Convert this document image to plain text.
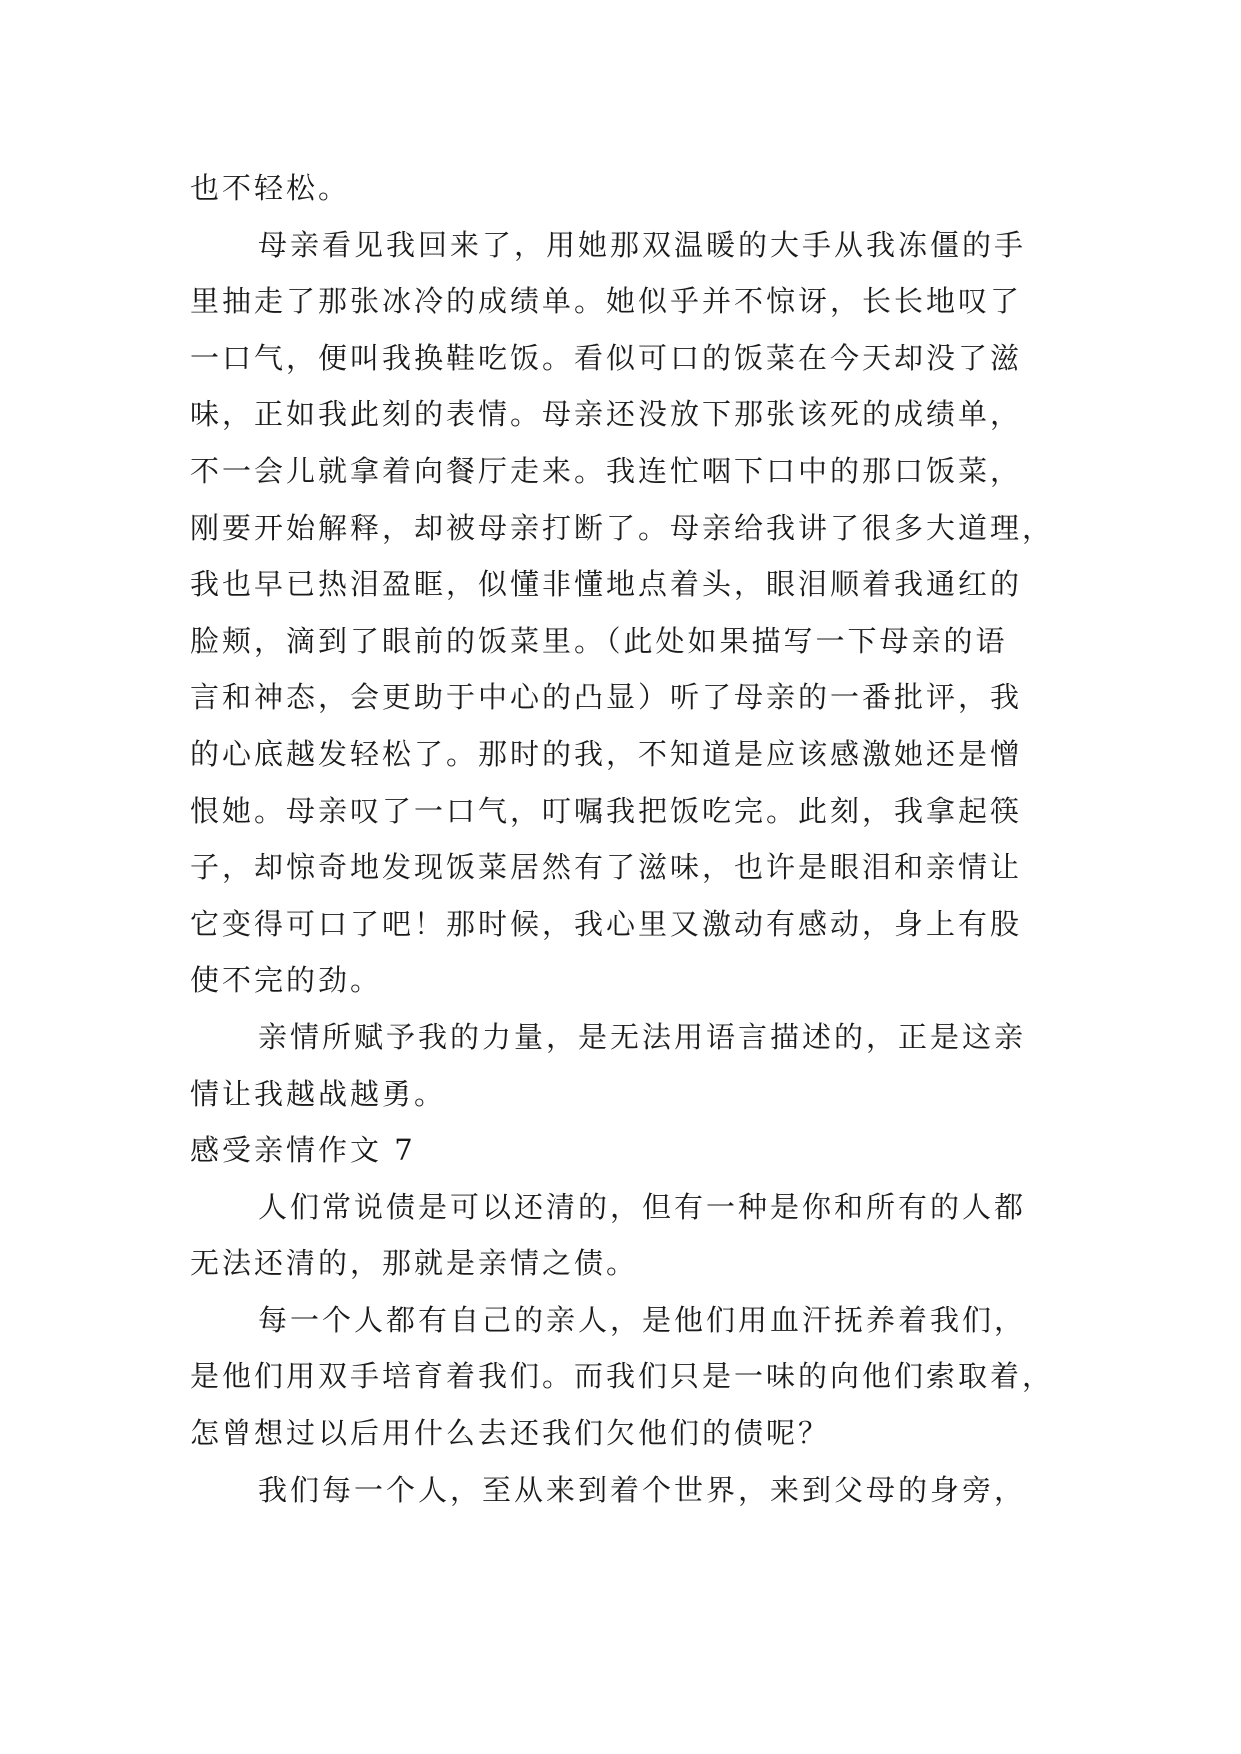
也不轻松。
母亲看见我回来了，用她那双温暖的大手从我冻僵的手
里抽走了那张冰冷的成绩单。她似乎并不惊讶，长长地叹了
一口气，便叫我换鞋吃饭。看似可口的饭菜在今天却没了滋
味，正如我此刻的表情。母亲还没放下那张该死的成绩单，
不一会儿就拿着向餐厅走来。我连忙咽下口中的那口饭菜，
刚要开始解释，却被母亲打断了。母亲给我讲了很多大道理，
我也早已热泪盈眶，似懂非懂地点着头，眼泪顺着我通红的
脸颊，滴到了眼前的饭菜里。（此处如果描写一下母亲的语
言和神态，会更助于中心的凸显）听了母亲的一番批评，我
的心底越发轻松了。那时的我，不知道是应该感激她还是憎
恨她。母亲叹了一口气，叮嘱我把饭吃完。此刻，我拿起筷
子，却惊奇地发现饭菜居然有了滋味，也许是眼泪和亲情让
它变得可口了吧！那时候，我心里又激动有感动，身上有股
使不完的劲。
亲情所赋予我的力量，是无法用语言描述的，正是这亲
情让我越战越勇。
感受亲情作文 7
人们常说债是可以还清的，但有一种是你和所有的人都
无法还清的，那就是亲情之债。
每一个人都有自己的亲人，是他们用血汗抚养着我们，
是他们用双手培育着我们。而我们只是一味的向他们索取着，
怎曾想过以后用什么去还我们欠他们的债呢？
我们每一个人，至从来到着个世界，来到父母的身旁，
